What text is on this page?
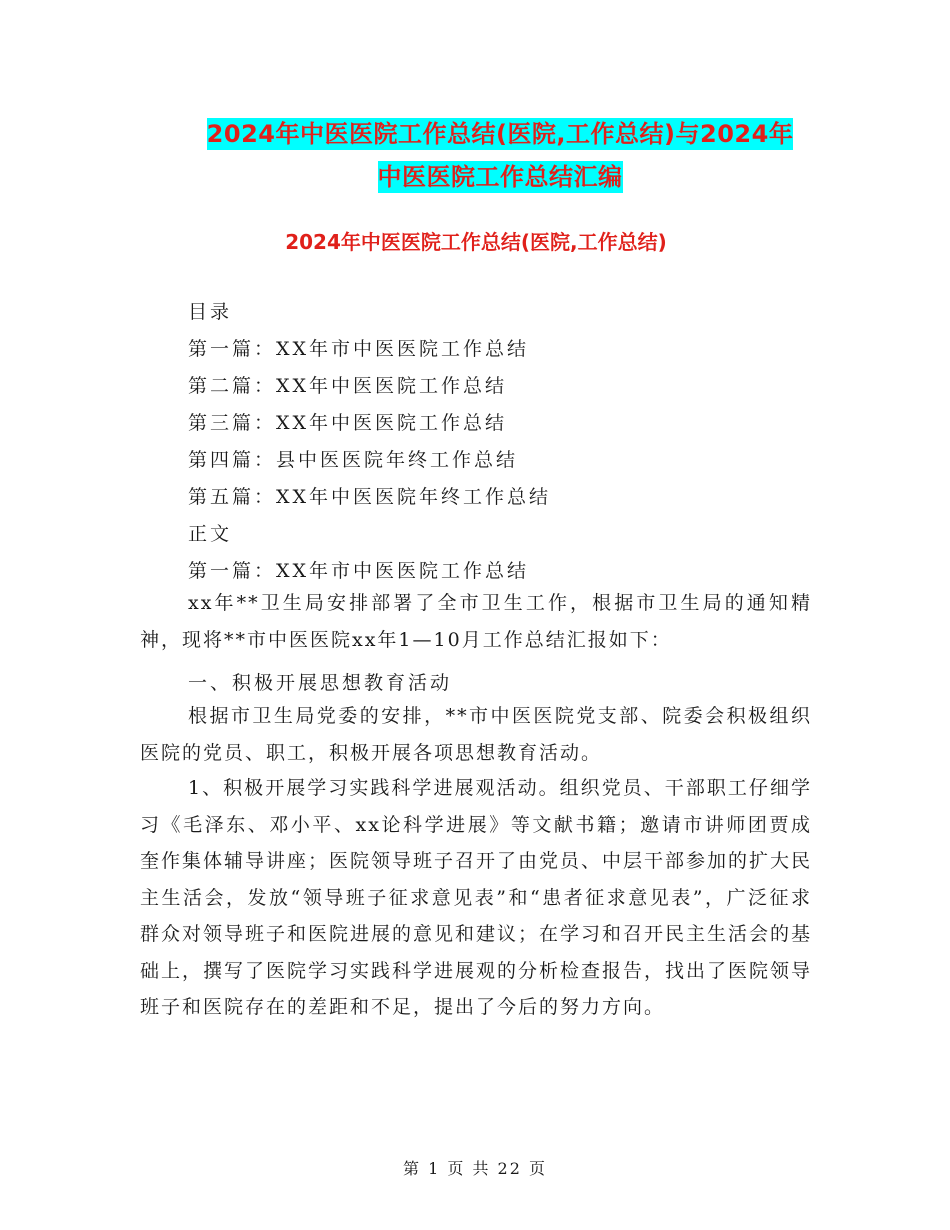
2024年中医医院工作总结(医院,工作总结)与2024年
中医医院工作总结汇编
2024年中医医院工作总结(医院,工作总结)
目录
第一篇：XX年市中医医院工作总结
第二篇：XX年中医医院工作总结
第三篇：XX年中医医院工作总结
第四篇：县中医医院年终工作总结
第五篇：XX年中医医院年终工作总结
正文
第一篇：XX年市中医医院工作总结
xx年**卫生局安排部署了全市卫生工作，根据市卫生局的通知精神，现将**市中医医院xx年1—10月工作总结汇报如下：
一、积极开展思想教育活动
根据市卫生局党委的安排，**市中医医院党支部、院委会积极组织医院的党员、职工，积极开展各项思想教育活动。
1、积极开展学习实践科学进展观活动。组织党员、干部职工仔细学习《毛泽东、邓小平、xx论科学进展》等文献书籍；邀请市讲师团贾成奎作集体辅导讲座；医院领导班子召开了由党员、中层干部参加的扩大民主生活会，发放“领导班子征求意见表”和“患者征求意见表”，广泛征求群众对领导班子和医院进展的意见和建议；在学习和召开民主生活会的基础上，撰写了医院学习实践科学进展观的分析检查报告，找出了医院领导班子和医院存在的差距和不足，提出了今后的努力方向。
第 1 页 共 22 页
